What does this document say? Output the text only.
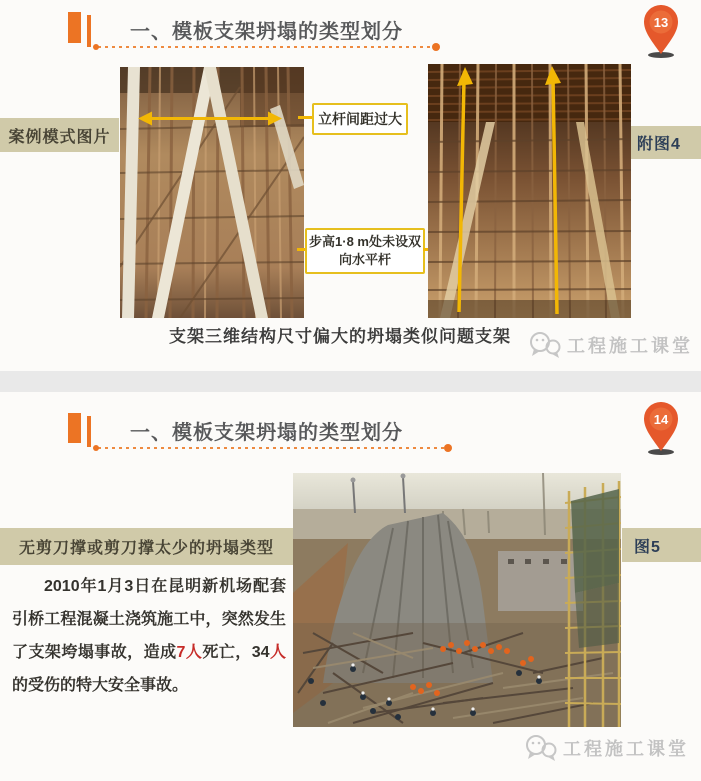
一、模板支架坍塌的类型划分	13
案例模式图片	附图4
立杆间距过大
步高1·8 m处未设双
向水平杆
支架三维结构尺寸偏大的坍塌类似问题支架	工程施工课堂
一、模板支架坍塌的类型划分
14
无剪刀撑或剪刀撑太少的坍塌类型	图5
2010年1月3日在昆明新机场配套引桥工程混凝土浇筑施工中，突然发生了支架垮塌事故，造成7人死亡，34人的受伤的特大安全事故。
工程施工课堂
